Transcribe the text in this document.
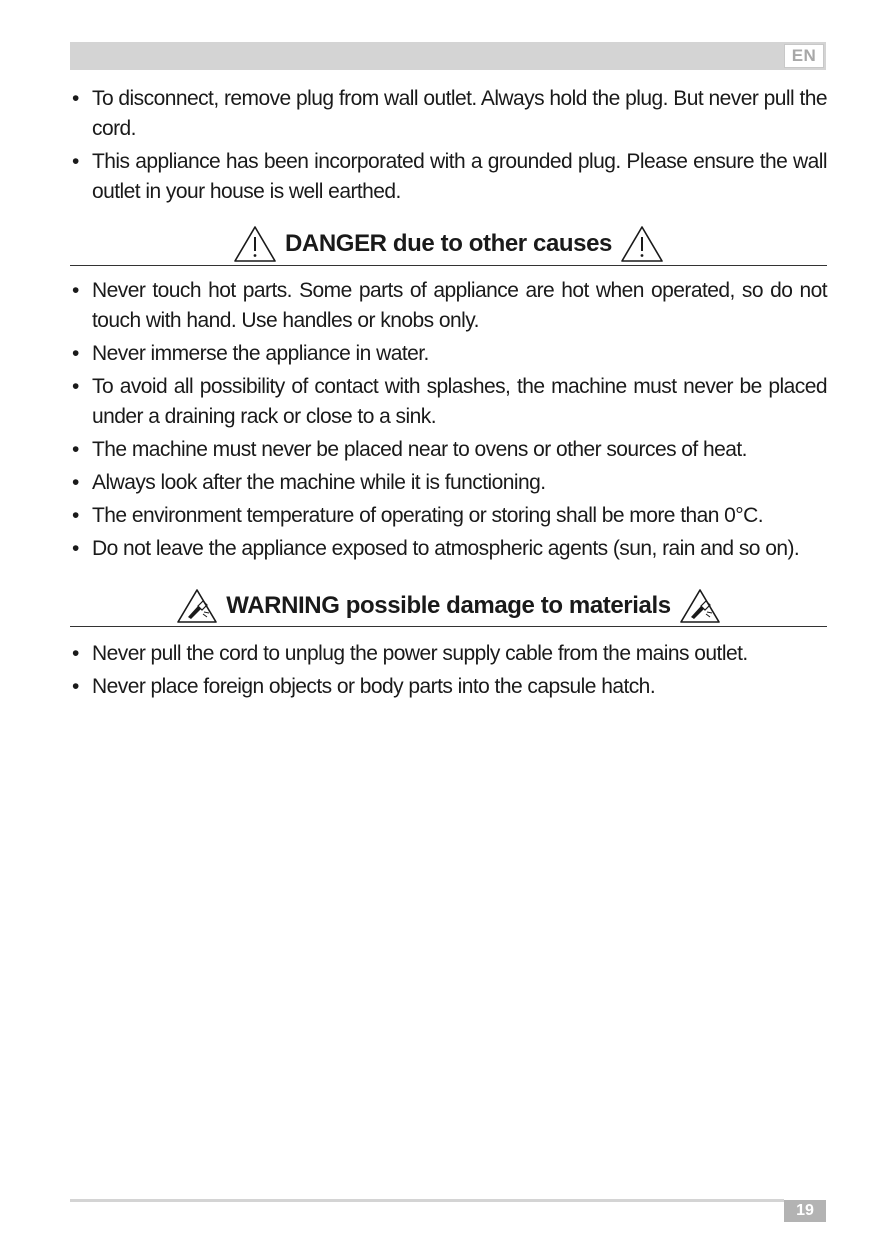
EN
• To disconnect, remove plug from wall outlet. Always hold the plug. But never pull the cord.
• This appliance has been incorporated with a grounded plug. Please ensure the wall outlet in your house is well earthed.
DANGER due to other causes
• Never touch hot parts. Some parts of appliance are hot when operated, so do not touch with hand. Use handles or knobs only.
• Never immerse the appliance in water.
• To avoid all possibility of contact with splashes, the machine must never be placed under a draining rack or close to a sink.
• The machine must never be placed near to ovens or other sources of heat.
• Always look after the machine while it is functioning.
• The environment temperature of operating or storing shall be more than 0°C.
• Do not leave the appliance exposed to atmospheric agents (sun, rain and so on).
WARNING possible damage to materials
• Never pull the cord to unplug the power supply cable from the mains outlet.
• Never place foreign objects or body parts into the capsule hatch.
19
